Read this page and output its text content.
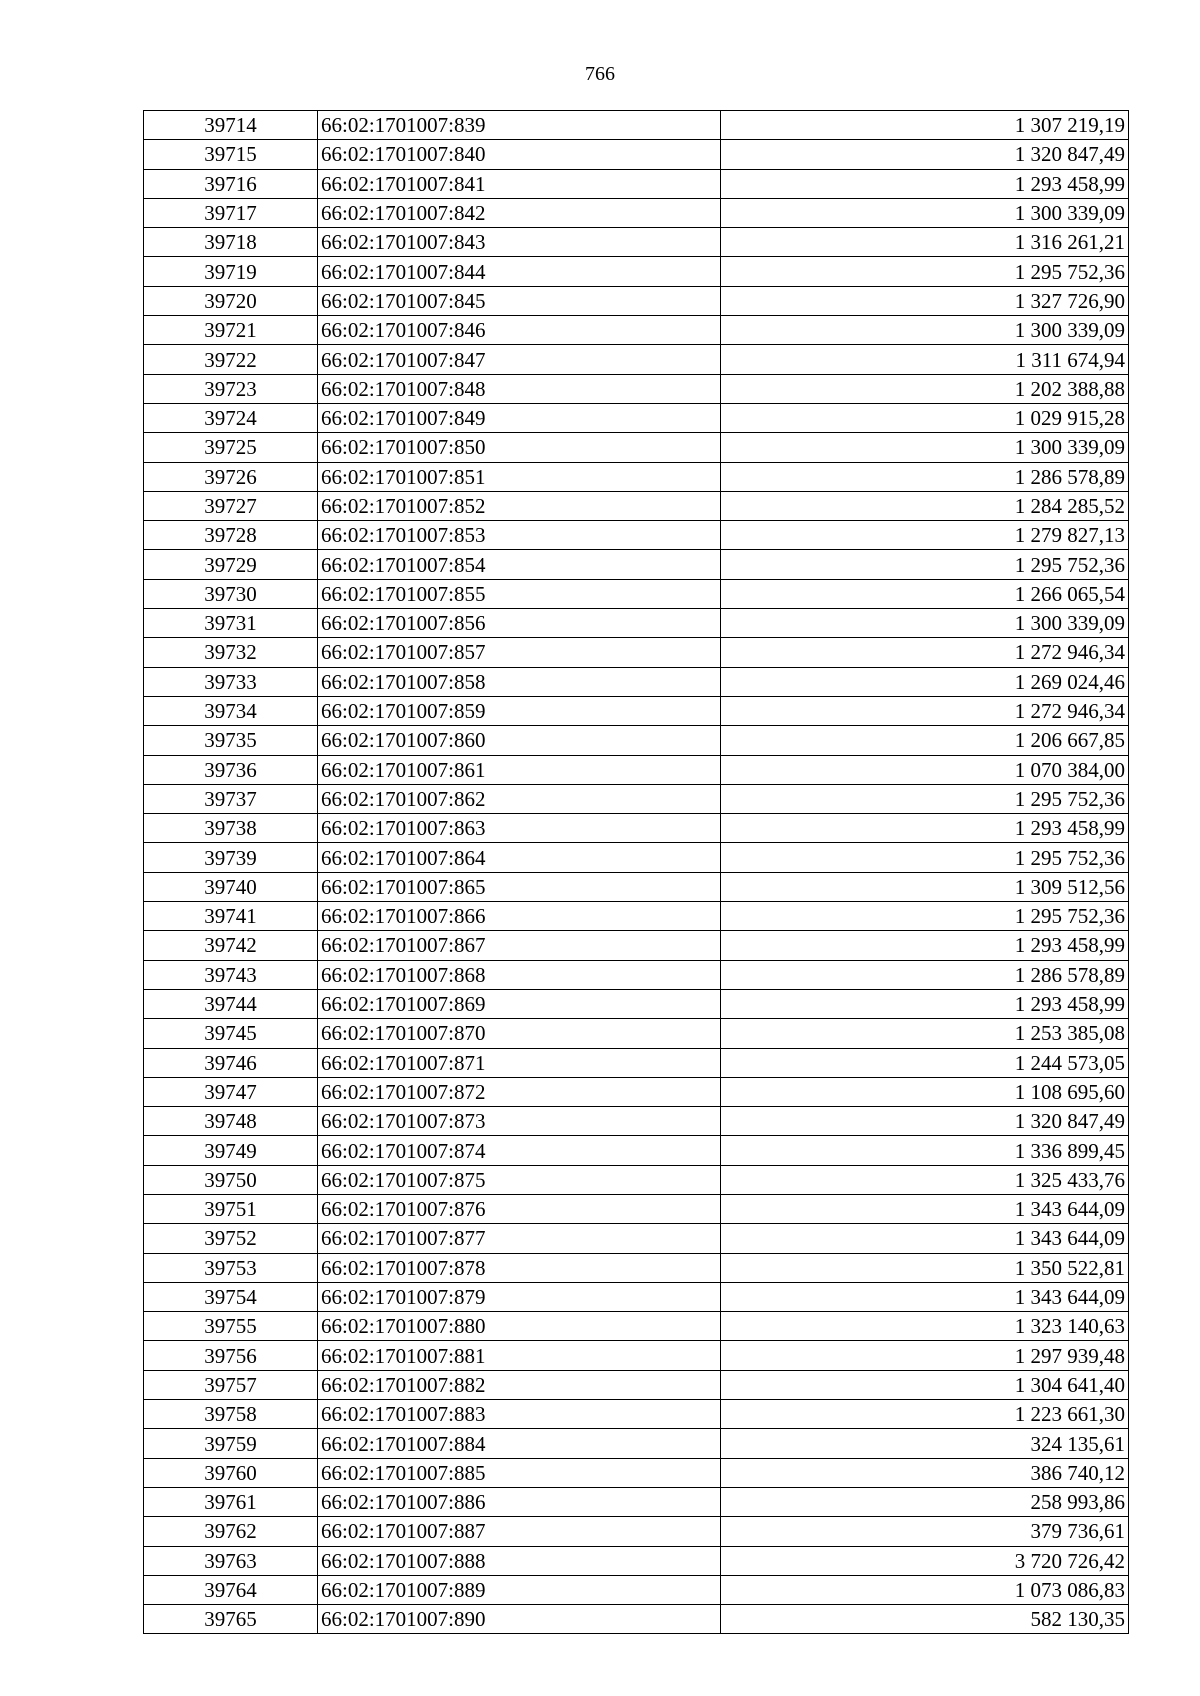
766
39714	66:02:1701007:839	1 307 219,19
39715	66:02:1701007:840	1 320 847,49
39716	66:02:1701007:841	1 293 458,99
39717	66:02:1701007:842	1 300 339,09
39718	66:02:1701007:843	1 316 261,21
39719	66:02:1701007:844	1 295 752,36
39720	66:02:1701007:845	1 327 726,90
39721	66:02:1701007:846	1 300 339,09
39722	66:02:1701007:847	1 311 674,94
39723	66:02:1701007:848	1 202 388,88
39724	66:02:1701007:849	1 029 915,28
39725	66:02:1701007:850	1 300 339,09
39726	66:02:1701007:851	1 286 578,89
39727	66:02:1701007:852	1 284 285,52
39728	66:02:1701007:853	1 279 827,13
39729	66:02:1701007:854	1 295 752,36
39730	66:02:1701007:855	1 266 065,54
39731	66:02:1701007:856	1 300 339,09
39732	66:02:1701007:857	1 272 946,34
39733	66:02:1701007:858	1 269 024,46
39734	66:02:1701007:859	1 272 946,34
39735	66:02:1701007:860	1 206 667,85
39736	66:02:1701007:861	1 070 384,00
39737	66:02:1701007:862	1 295 752,36
39738	66:02:1701007:863	1 293 458,99
39739	66:02:1701007:864	1 295 752,36
39740	66:02:1701007:865	1 309 512,56
39741	66:02:1701007:866	1 295 752,36
39742	66:02:1701007:867	1 293 458,99
39743	66:02:1701007:868	1 286 578,89
39744	66:02:1701007:869	1 293 458,99
39745	66:02:1701007:870	1 253 385,08
39746	66:02:1701007:871	1 244 573,05
39747	66:02:1701007:872	1 108 695,60
39748	66:02:1701007:873	1 320 847,49
39749	66:02:1701007:874	1 336 899,45
39750	66:02:1701007:875	1 325 433,76
39751	66:02:1701007:876	1 343 644,09
39752	66:02:1701007:877	1 343 644,09
39753	66:02:1701007:878	1 350 522,81
39754	66:02:1701007:879	1 343 644,09
39755	66:02:1701007:880	1 323 140,63
39756	66:02:1701007:881	1 297 939,48
39757	66:02:1701007:882	1 304 641,40
39758	66:02:1701007:883	1 223 661,30
39759	66:02:1701007:884	324 135,61
39760	66:02:1701007:885	386 740,12
39761	66:02:1701007:886	258 993,86
39762	66:02:1701007:887	379 736,61
39763	66:02:1701007:888	3 720 726,42
39764	66:02:1701007:889	1 073 086,83
39765	66:02:1701007:890	582 130,35
